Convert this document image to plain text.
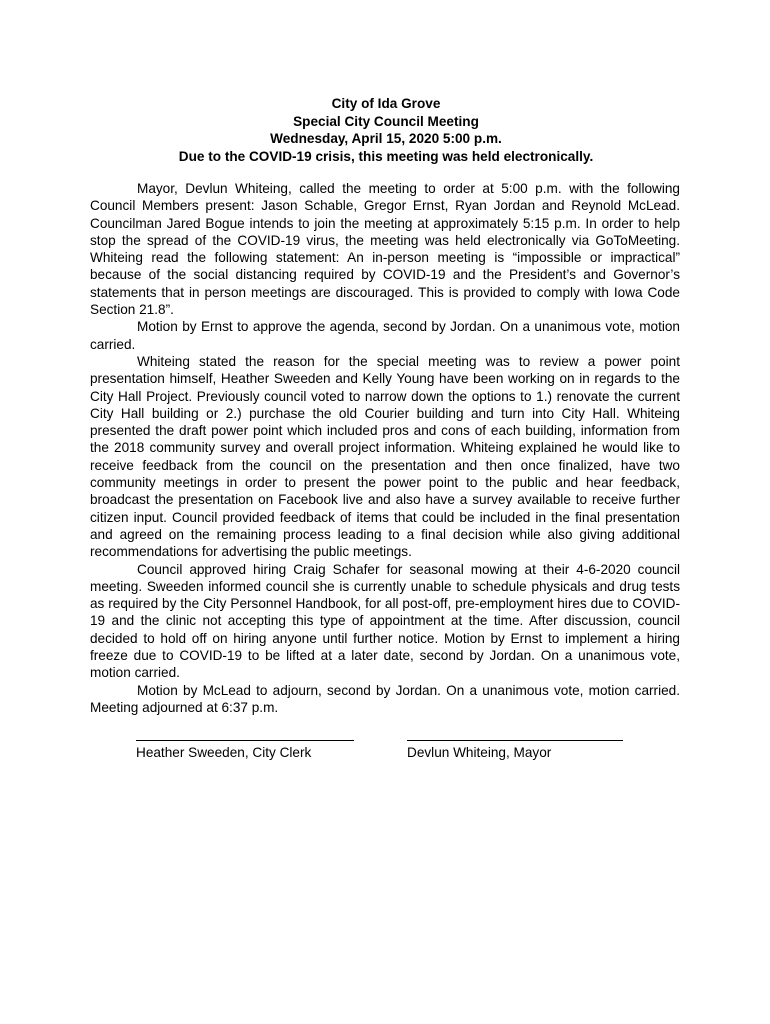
City of Ida Grove
Special City Council Meeting
Wednesday, April 15, 2020 5:00 p.m.
Due to the COVID-19 crisis, this meeting was held electronically.

Mayor, Devlun Whiteing, called the meeting to order at 5:00 p.m. with the following Council Members present: Jason Schable, Gregor Ernst, Ryan Jordan and Reynold McLead. Councilman Jared Bogue intends to join the meeting at approximately 5:15 p.m. In order to help stop the spread of the COVID-19 virus, the meeting was held electronically via GoToMeeting. Whiteing read the following statement: An in-person meeting is “impossible or impractical” because of the social distancing required by COVID-19 and the President’s and Governor’s statements that in person meetings are discouraged. This is provided to comply with Iowa Code Section 21.8”.

Motion by Ernst to approve the agenda, second by Jordan. On a unanimous vote, motion carried.

Whiteing stated the reason for the special meeting was to review a power point presentation himself, Heather Sweeden and Kelly Young have been working on in regards to the City Hall Project. Previously council voted to narrow down the options to 1.) renovate the current City Hall building or 2.) purchase the old Courier building and turn into City Hall. Whiteing presented the draft power point which included pros and cons of each building, information from the 2018 community survey and overall project information. Whiteing explained he would like to receive feedback from the council on the presentation and then once finalized, have two community meetings in order to present the power point to the public and hear feedback, broadcast the presentation on Facebook live and also have a survey available to receive further citizen input. Council provided feedback of items that could be included in the final presentation and agreed on the remaining process leading to a final decision while also giving additional recommendations for advertising the public meetings.

Council approved hiring Craig Schafer for seasonal mowing at their 4-6-2020 council meeting. Sweeden informed council she is currently unable to schedule physicals and drug tests as required by the City Personnel Handbook, for all post-off, pre-employment hires due to COVID-19 and the clinic not accepting this type of appointment at the time. After discussion, council decided to hold off on hiring anyone until further notice. Motion by Ernst to implement a hiring freeze due to COVID-19 to be lifted at a later date, second by Jordan. On a unanimous vote, motion carried.

Motion by McLead to adjourn, second by Jordan. On a unanimous vote, motion carried. Meeting adjourned at 6:37 p.m.

Heather Sweeden, City Clerk	Devlun Whiteing, Mayor
